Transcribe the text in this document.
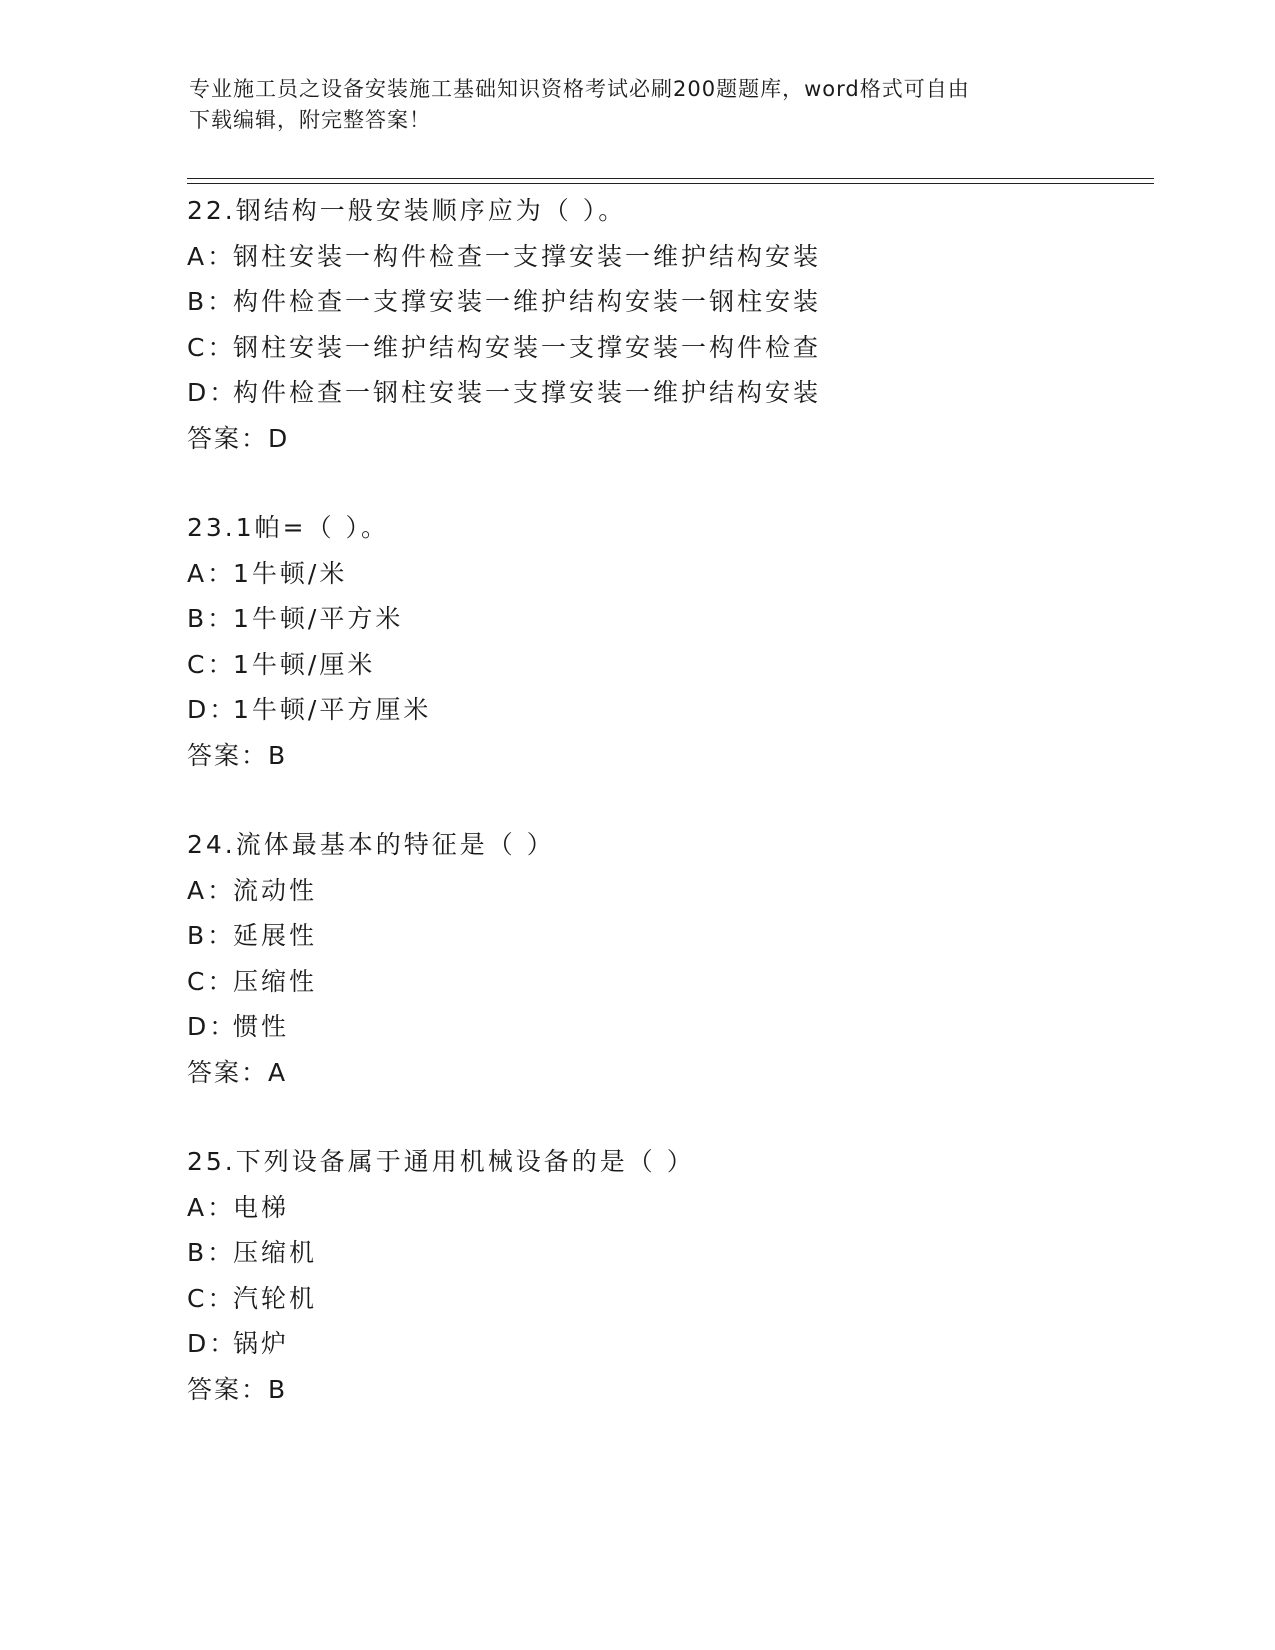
专业施工员之设备安装施工基础知识资格考试必刷200题题库，word格式可自由

下载编辑，附完整答案！

22.钢结构一般安装顺序应为（ ）。
A：钢柱安装一构件检查一支撑安装一维护结构安装
B：构件检查一支撑安装一维护结构安装一钢柱安装
C：钢柱安装一维护结构安装一支撑安装一构件检查
D：构件检查一钢柱安装一支撑安装一维护结构安装
答案：D
23.1帕=（ ）。
A：1牛顿/米
B：1牛顿/平方米
C：1牛顿/厘米
D：1牛顿/平方厘米
答案：B
24.流体最基本的特征是（ ）
A：流动性
B：延展性
C：压缩性
D：惯性
答案：A
25.下列设备属于通用机械设备的是（ ）
A：电梯
B：压缩机
C：汽轮机
D：锅炉
答案：B
